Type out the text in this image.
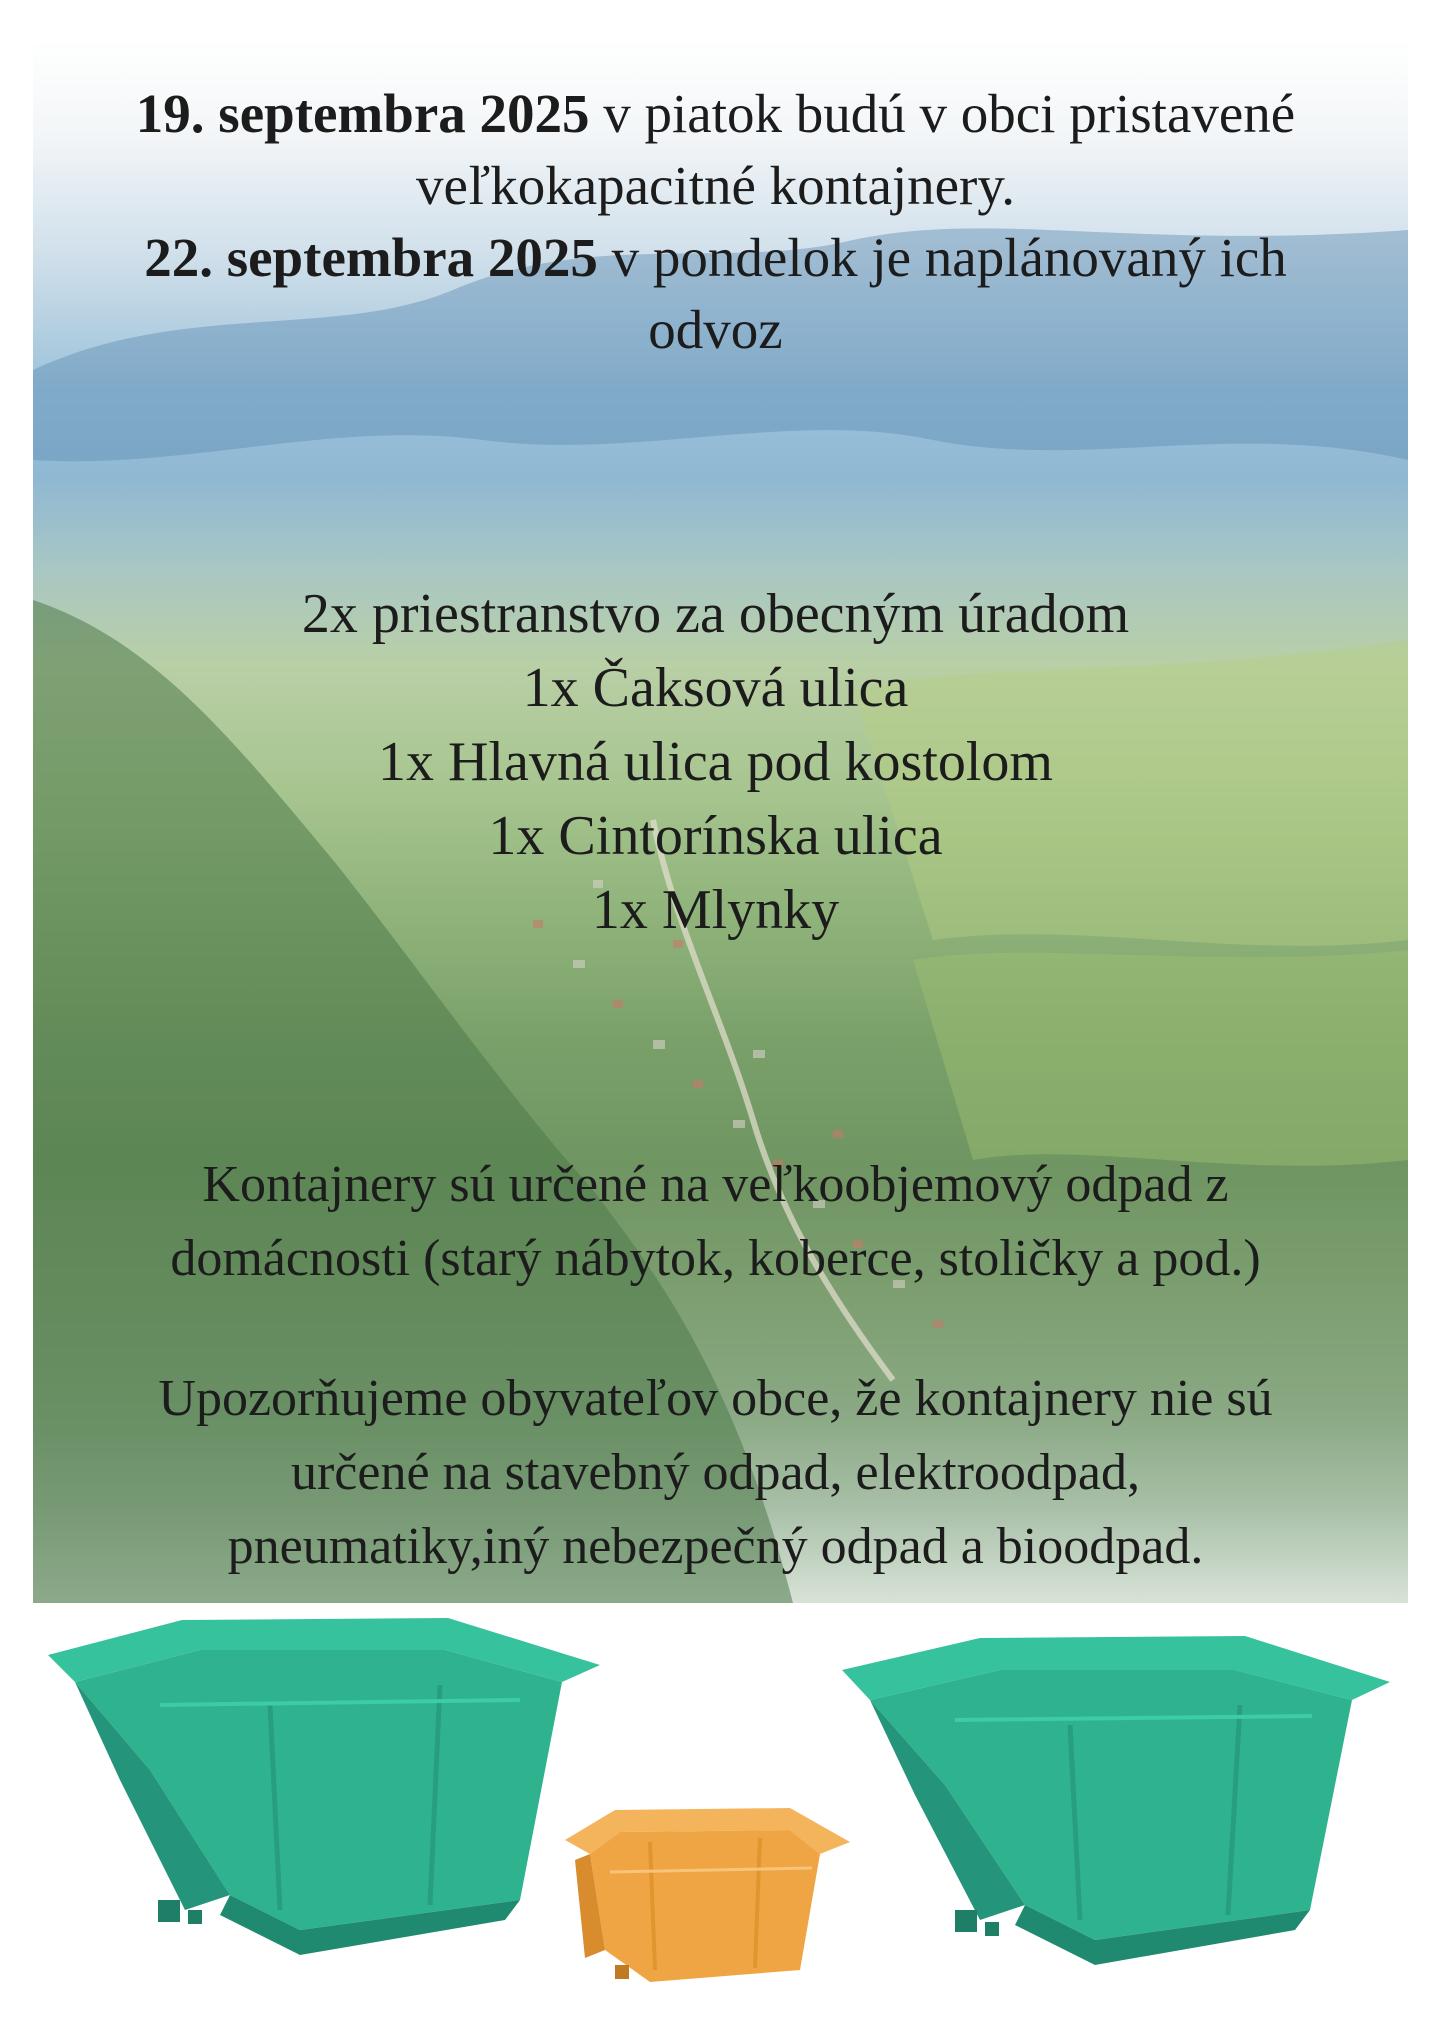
19. septembra 2025 v piatok budú v obci pristavené
veľkokapacitné kontajnery.
22. septembra 2025 v pondelok je naplánovaný ich
odvoz
2x priestranstvo za obecným úradom
1x Čaksová ulica
1x Hlavná ulica pod kostolom
1x Cintorínska ulica
1x Mlynky
Kontajnery sú určené na veľkoobjemový odpad z
domácnosti (starý nábytok, koberce, stoličky a pod.)
Upozorňujeme obyvateľov obce, že kontajnery nie sú
určené na stavebný odpad, elektroodpad,
pneumatiky,iný nebezpečný odpad a bioodpad.
